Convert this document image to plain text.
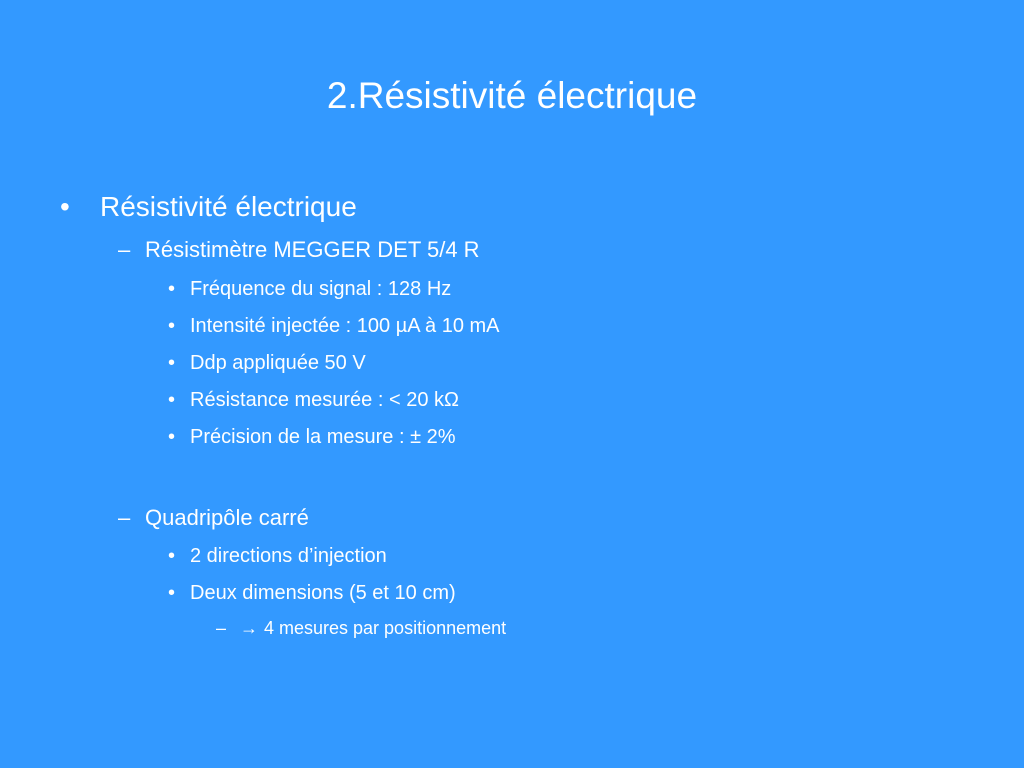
2.Résistivité électrique
• Résistivité électrique
– Résistimètre MEGGER DET 5/4 R
• Fréquence du signal : 128 Hz
• Intensité injectée : 100 µA à 10 mA
• Ddp appliquée 50 V
• Résistance mesurée : < 20 kΩ
• Précision de la mesure : ± 2%
– Quadripôle carré
• 2 directions d’injection
• Deux dimensions (5 et 10 cm)
– → 4 mesures par positionnement
